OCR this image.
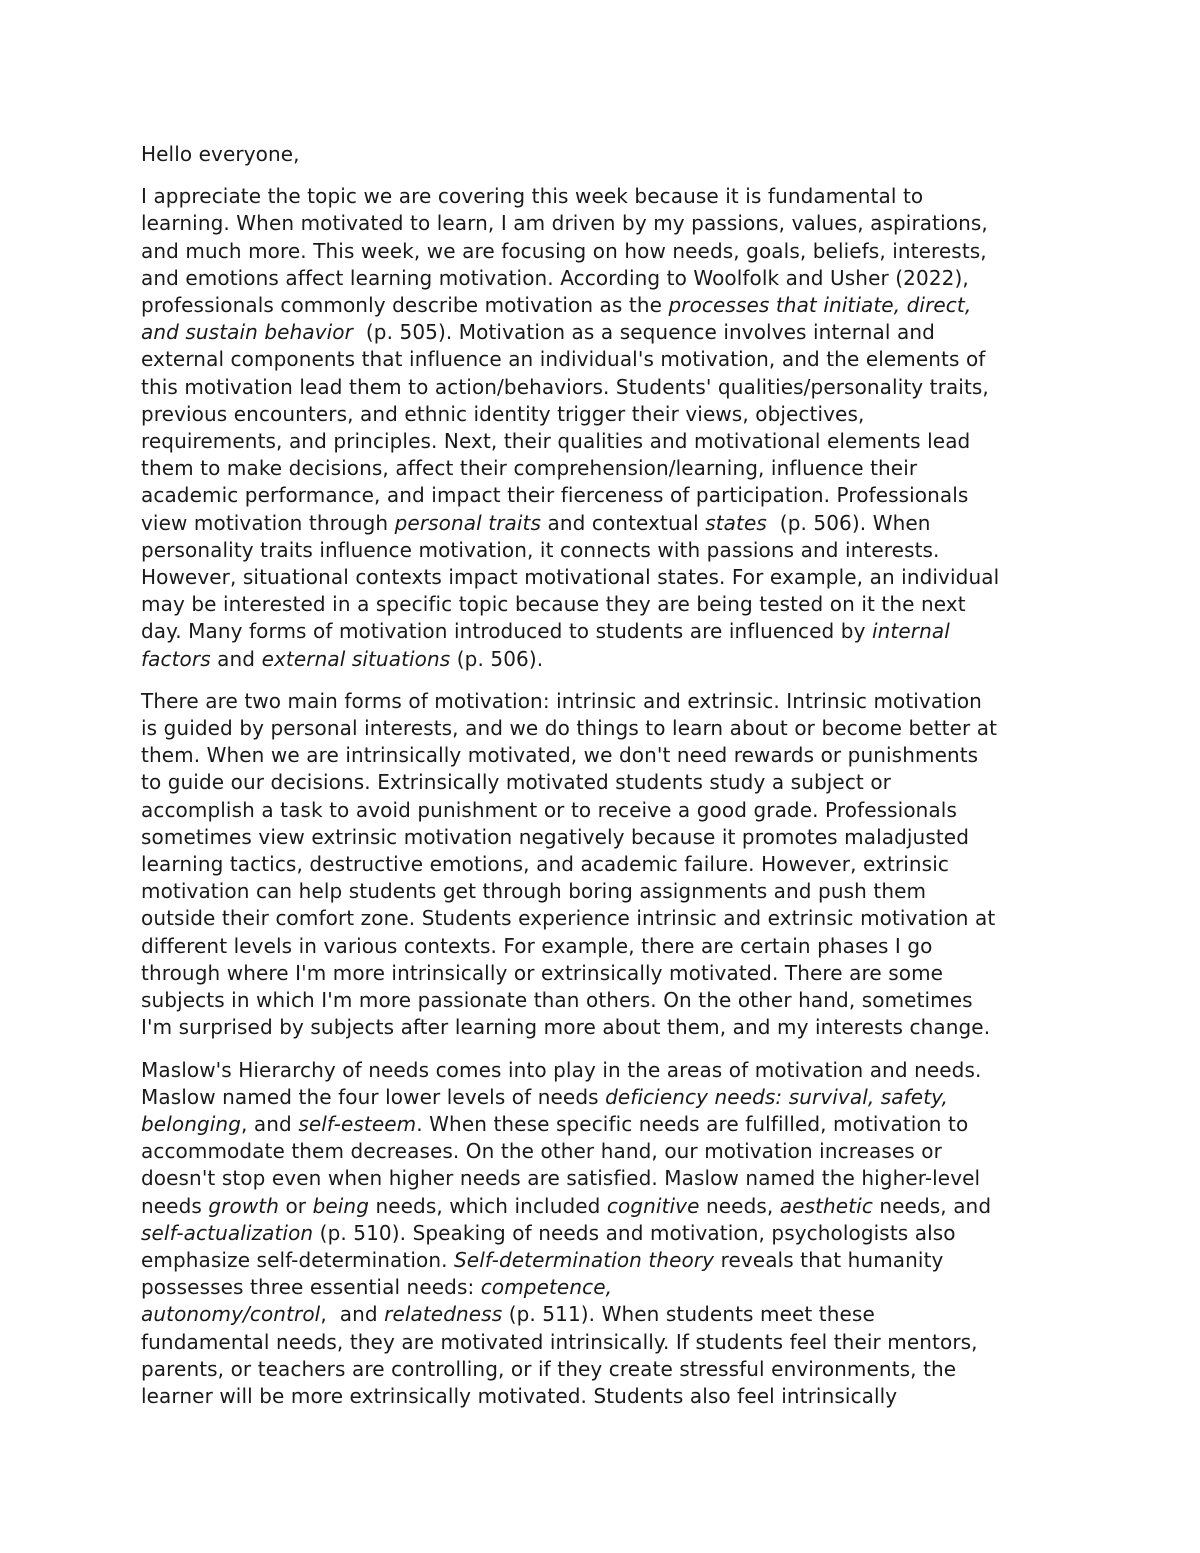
Hello everyone,

I appreciate the topic we are covering this week because it is fundamental to
learning. When motivated to learn, I am driven by my passions, values, aspirations,
and much more. This week, we are focusing on how needs, goals, beliefs, interests,
and emotions affect learning motivation. According to Woolfolk and Usher (2022),
professionals commonly describe motivation as the processes that initiate, direct,
and sustain behavior  (p. 505). Motivation as a sequence involves internal and
external components that influence an individual's motivation, and the elements of
this motivation lead them to action/behaviors. Students' qualities/personality traits,
previous encounters, and ethnic identity trigger their views, objectives,
requirements, and principles. Next, their qualities and motivational elements lead
them to make decisions, affect their comprehension/learning, influence their
academic performance, and impact their fierceness of participation. Professionals
view motivation through personal traits and contextual states  (p. 506). When
personality traits influence motivation, it connects with passions and interests.
However, situational contexts impact motivational states. For example, an individual
may be interested in a specific topic because they are being tested on it the next
day. Many forms of motivation introduced to students are influenced by internal
factors and external situations (p. 506).

There are two main forms of motivation: intrinsic and extrinsic. Intrinsic motivation
is guided by personal interests, and we do things to learn about or become better at
them. When we are intrinsically motivated, we don't need rewards or punishments
to guide our decisions. Extrinsically motivated students study a subject or
accomplish a task to avoid punishment or to receive a good grade. Professionals
sometimes view extrinsic motivation negatively because it promotes maladjusted
learning tactics, destructive emotions, and academic failure. However, extrinsic
motivation can help students get through boring assignments and push them
outside their comfort zone. Students experience intrinsic and extrinsic motivation at
different levels in various contexts. For example, there are certain phases I go
through where I'm more intrinsically or extrinsically motivated. There are some
subjects in which I'm more passionate than others. On the other hand, sometimes
I'm surprised by subjects after learning more about them, and my interests change.

Maslow's Hierarchy of needs comes into play in the areas of motivation and needs.
Maslow named the four lower levels of needs deficiency needs: survival, safety,
belonging, and self-esteem. When these specific needs are fulfilled, motivation to
accommodate them decreases. On the other hand, our motivation increases or
doesn't stop even when higher needs are satisfied. Maslow named the higher-level
needs growth or being needs, which included cognitive needs, aesthetic needs, and
self-actualization (p. 510). Speaking of needs and motivation, psychologists also
emphasize self-determination. Self-determination theory reveals that humanity
possesses three essential needs: competence,
autonomy/control,  and relatedness (p. 511). When students meet these
fundamental needs, they are motivated intrinsically. If students feel their mentors,
parents, or teachers are controlling, or if they create stressful environments, the
learner will be more extrinsically motivated. Students also feel intrinsically
